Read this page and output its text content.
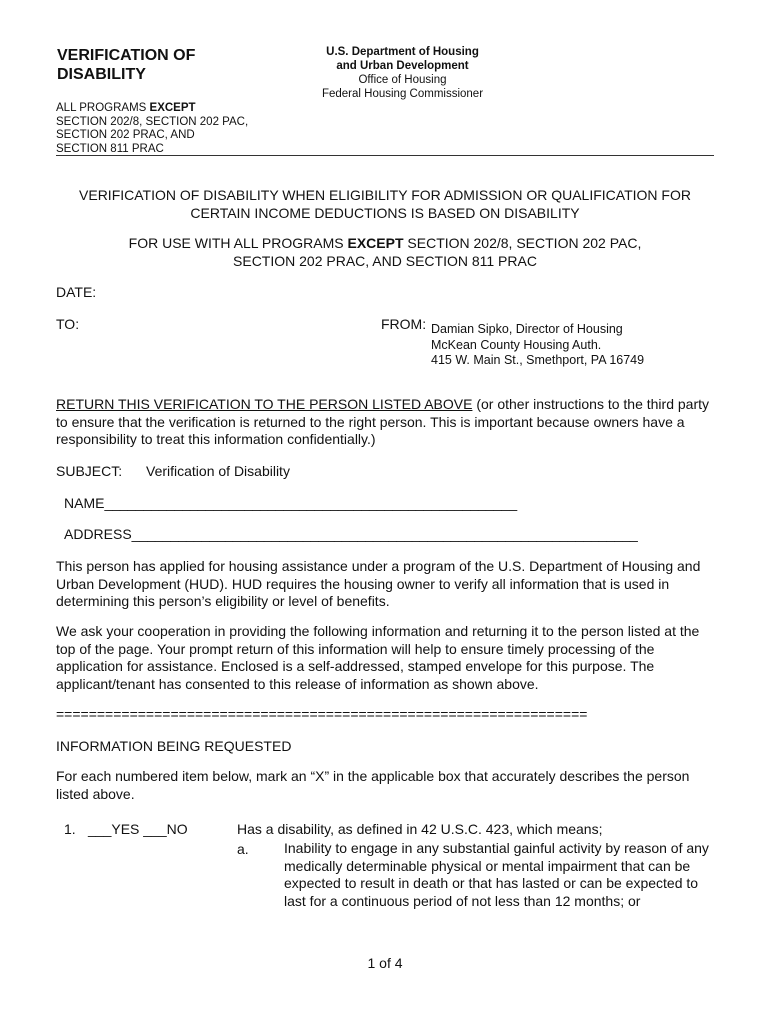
VERIFICATION OF
DISABILITY
U.S. Department of Housing
and Urban Development
Office of Housing
Federal Housing Commissioner
ALL PROGRAMS EXCEPT
SECTION 202/8, SECTION 202 PAC,
SECTION 202 PRAC, AND
SECTION 811 PRAC
VERIFICATION OF DISABILITY WHEN ELIGIBILITY FOR ADMISSION OR QUALIFICATION FOR
CERTAIN INCOME DEDUCTIONS IS BASED ON DISABILITY
FOR USE WITH ALL PROGRAMS EXCEPT SECTION 202/8, SECTION 202 PAC,
SECTION 202 PRAC, AND SECTION 811 PRAC
DATE:
TO:	FROM: Damian Sipko, Director of Housing
McKean County Housing Auth.
415 W. Main St., Smethport, PA 16749
RETURN THIS VERIFICATION TO THE PERSON LISTED ABOVE (or other instructions to the third party to ensure that the verification is returned to the right person. This is important because owners have a responsibility to treat this information confidentially.)
SUBJECT: Verification of Disability
NAME_____________________________________________________
ADDRESS_________________________________________________________________
This person has applied for housing assistance under a program of the U.S. Department of Housing and Urban Development (HUD). HUD requires the housing owner to verify all information that is used in determining this person’s eligibility or level of benefits.
We ask your cooperation in providing the following information and returning it to the person listed at the top of the page. Your prompt return of this information will help to ensure timely processing of the application for assistance. Enclosed is a self-addressed, stamped envelope for this purpose. The applicant/tenant has consented to this release of information as shown above.
=================================================================
INFORMATION BEING REQUESTED
For each numbered item below, mark an “X” in the applicable box that accurately describes the person listed above.
1. ___YES ___NO	Has a disability, as defined in 42 U.S.C. 423, which means;
a.	Inability to engage in any substantial gainful activity by reason of any medically determinable physical or mental impairment that can be expected to result in death or that has lasted or can be expected to last for a continuous period of not less than 12 months; or
1 of 4
